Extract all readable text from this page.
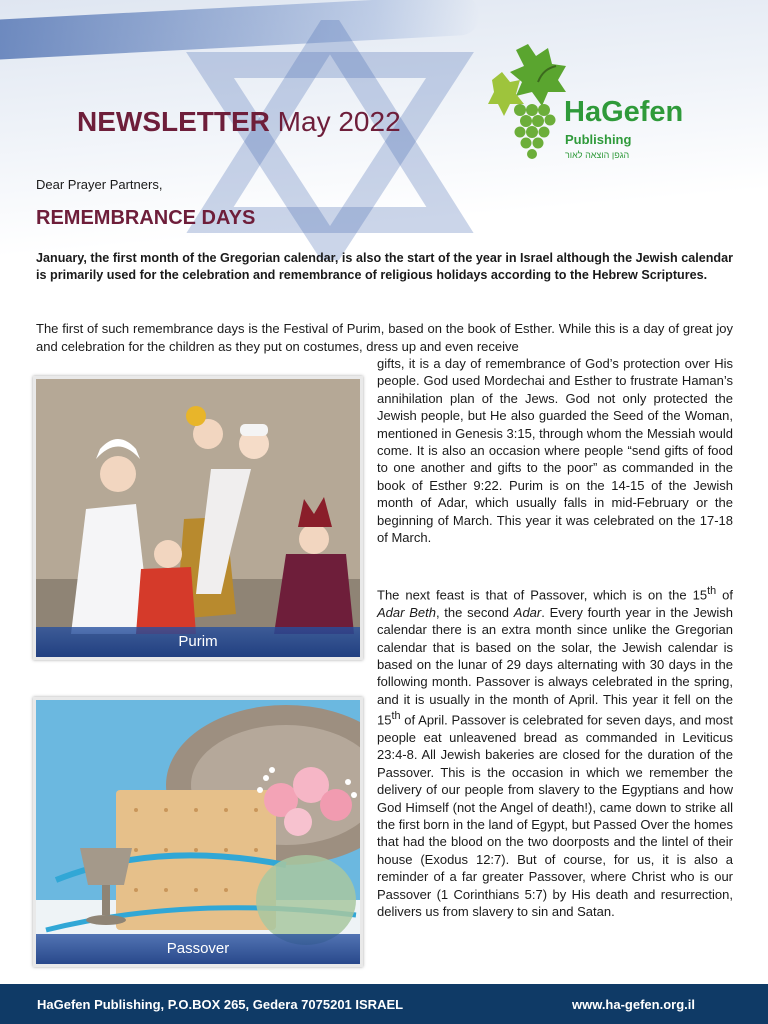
NEWSLETTER May 2022	HaGefen
Publishing
הגפן הוצאה לאור
Dear Prayer Partners,
REMEMBRANCE DAYS

January, the first month of the Gregorian calendar, is also the start of the year in Israel although the Jewish calendar is primarily used for the celebration and remembrance of religious holidays according to the Hebrew Scriptures.

The first of such remembrance days is the Festival of Purim, based on the book of Esther. While this is a day of great joy and celebration for the children as they put on costumes, dress up and even receive

gifts, it is a day of remembrance of God’s protection over His people. God used Mordechai and Esther to frustrate Haman’s annihilation plan of the Jews. God not only protected the Jewish people, but He also guarded the Seed of the Woman, mentioned in Genesis 3:15, through whom the Messiah would come. It is also an occasion where people “send gifts of food to one another and gifts to the poor” as commanded in the book of Esther 9:22. Purim is on the 14-15 of the Jewish month of Adar, which usually falls in mid-February or the beginning of March. This year it was celebrated on the 17-18 of March.

The next feast is that of Passover, which is on the 15th of Adar Beth, the second Adar. Every fourth year in the Jewish calendar there is an extra month since unlike the Gregorian calendar that is based on the solar, the Jewish calendar is based on the lunar of 29 days alternating with 30 days in the following month. Passover is always celebrated in the spring, and it is usually in the month of April. This year it fell on the 15th of April. Passover is celebrated for seven days, and most people eat unleavened bread as commanded in Leviticus 23:4-8. All Jewish bakeries are closed for the duration of the Passover. This is the occasion in which we remember the delivery of our people from slavery to the Egyptians and how God Himself (not the Angel of death!), came down to strike all the first born in the land of Egypt, but Passed Over the homes that had the blood on the two doorposts and the lintel of their house (Exodus 12:7). But of course, for us, it is also a reminder of a far greater Passover, where Christ who is our Passover (1 Corinthians 5:7) by His death and resurrection, delivers us from slavery to sin and Satan.

Purim
Passover
HaGefen Publishing, P.O.BOX 265, Gedera 7075201 ISRAEL	www.ha-gefen.org.il
